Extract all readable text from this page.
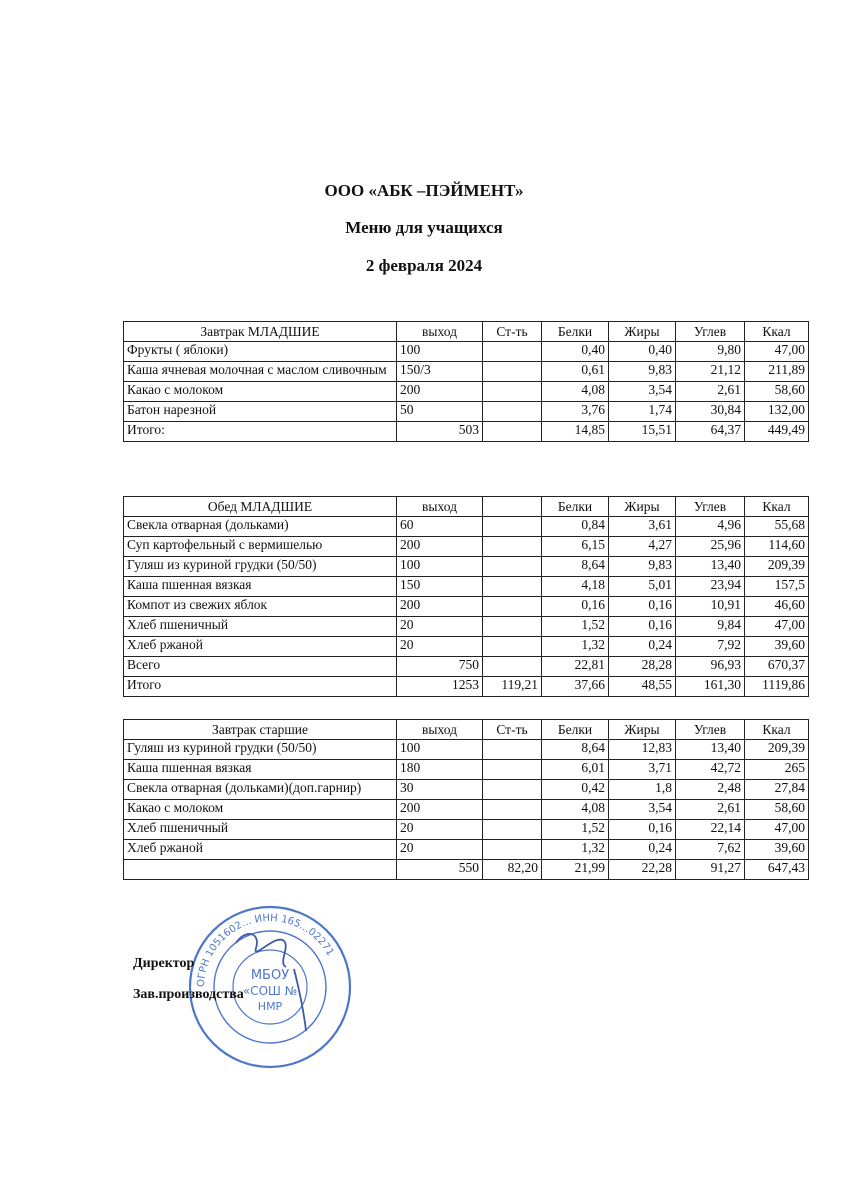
ООО «АБК –ПЭЙМЕНТ»
Меню для учащихся
2 февраля 2024
Завтрак МЛАДШИЕ	выход	Ст-ть	Белки	Жиры	Углев	Ккал
Фрукты ( яблоки)	100		0,40	0,40	9,80	47,00
Каша ячневая молочная с маслом сливочным	150/3		0,61	9,83	21,12	211,89
Какао с молоком	200		4,08	3,54	2,61	58,60
Батон нарезной	50		3,76	1,74	30,84	132,00
Итого:	503		14,85	15,51	64,37	449,49
Обед МЛАДШИЕ	выход		Белки	Жиры	Углев	Ккал
Свекла отварная (дольками)	60		0,84	3,61	4,96	55,68
Суп картофельный с вермишелью	200		6,15	4,27	25,96	114,60
Гуляш из куриной грудки (50/50)	100		8,64	9,83	13,40	209,39
Каша пшенная вязкая	150		4,18	5,01	23,94	157,5
Компот из свежих яблок	200		0,16	0,16	10,91	46,60
Хлеб пшеничный	20		1,52	0,16	9,84	47,00
Хлеб ржаной	20		1,32	0,24	7,92	39,60
Всего	750		22,81	28,28	96,93	670,37
Итого	1253	119,21	37,66	48,55	161,30	1119,86
Завтрак старшие	выход	Ст-ть	Белки	Жиры	Углев	Ккал
Гуляш из куриной грудки (50/50)	100		8,64	12,83	13,40	209,39
Каша пшенная вязкая	180		6,01	3,71	42,72	265
Свекла отварная (дольками)(доп.гарнир)	30		0,42	1,8	2,48	27,84
Какао с молоком	200		4,08	3,54	2,61	58,60
Хлеб пшеничный	20		1,52	0,16	22,14	47,00
Хлеб ржаной	20		1,32	0,24	7,62	39,60
	550	82,20	21,99	22,28	91,27	647,43
ОГРН 1051602… ИНН 165…02271
МБОУ
«СОШ №
НМР
Директор
Зав.производства
